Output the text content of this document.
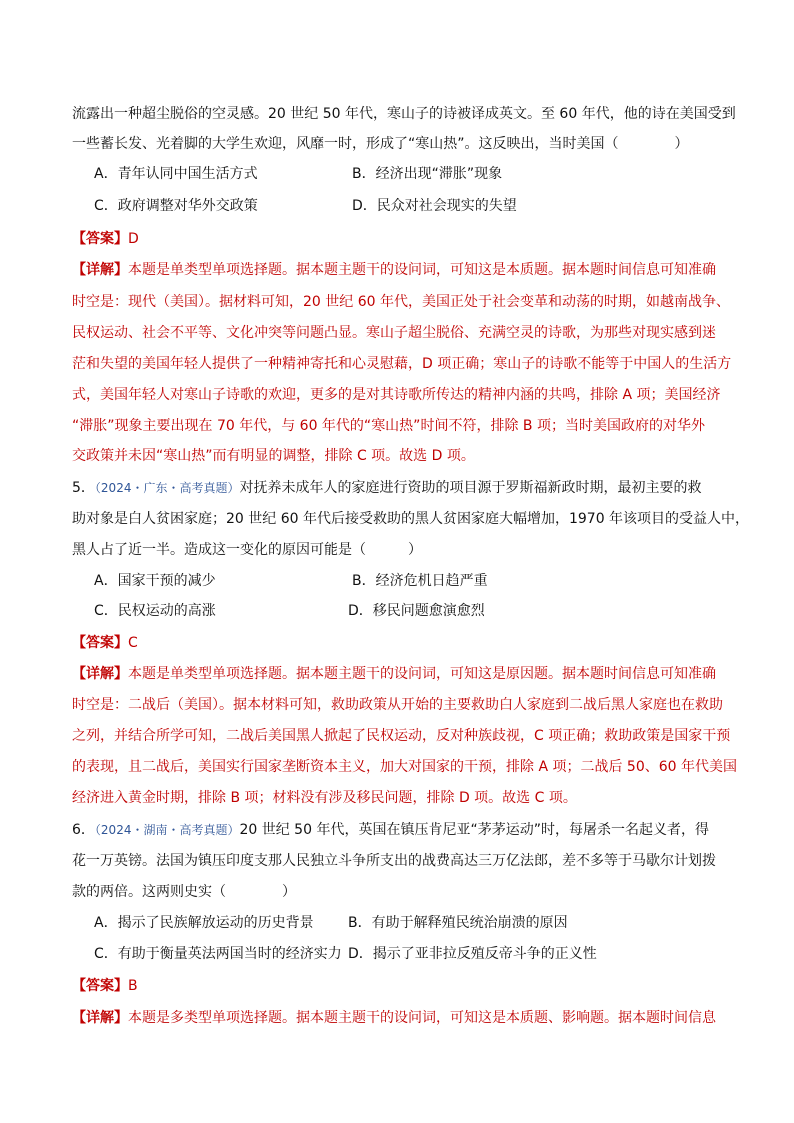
流露出一种超尘脱俗的空灵感。20 世纪 50 年代，寒山子的诗被译成英文。至 60 年代，他的诗在美国受到
一些蓄长发、光着脚的大学生欢迎，风靡一时，形成了“寒山热”。这反映出，当时美国（　　　　）
A．青年认同中国生活方式	B．经济出现“滞胀”现象
C．政府调整对华外交政策	D．民众对社会现实的失望
【答案】D
【详解】本题是单类型单项选择题。据本题主题干的设问词，可知这是本质题。据本题时间信息可知准确
时空是：现代（美国）。据材料可知，20 世纪 60 年代，美国正处于社会变革和动荡的时期，如越南战争、
民权运动、社会不平等、文化冲突等问题凸显。寒山子超尘脱俗、充满空灵的诗歌，为那些对现实感到迷
茫和失望的美国年轻人提供了一种精神寄托和心灵慰藉，D 项正确；寒山子的诗歌不能等于中国人的生活方
式，美国年轻人对寒山子诗歌的欢迎，更多的是对其诗歌所传达的精神内涵的共鸣，排除 A 项；美国经济
“滞胀”现象主要出现在 70 年代，与 60 年代的“寒山热”时间不符，排除 B 项；当时美国政府的对华外
交政策并未因“寒山热”而有明显的调整，排除 C 项。故选 D 项。
5．（2024・广东・高考真题）对抚养未成年人的家庭进行资助的项目源于罗斯福新政时期，最初主要的救
助对象是白人贫困家庭；20 世纪 60 年代后接受救助的黑人贫困家庭大幅增加，1970 年该项目的受益人中，
黑人占了近一半。造成这一变化的原因可能是（　　　）
A．国家干预的减少	B．经济危机日趋严重
C．民权运动的高涨	D．移民问题愈演愈烈
【答案】C
【详解】本题是单类型单项选择题。据本题主题干的设问词，可知这是原因题。据本题时间信息可知准确
时空是：二战后（美国）。据本材料可知，救助政策从开始的主要救助白人家庭到二战后黑人家庭也在救助
之列，并结合所学可知，二战后美国黑人掀起了民权运动，反对种族歧视，C 项正确；救助政策是国家干预
的表现，且二战后，美国实行国家垄断资本主义，加大对国家的干预，排除 A 项；二战后 50、60 年代美国
经济进入黄金时期，排除 B 项；材料没有涉及移民问题，排除 D 项。故选 C 项。
6．（2024・湖南・高考真题）20 世纪 50 年代，英国在镇压肯尼亚“茅茅运动”时，每屠杀一名起义者，得
花一万英镑。法国为镇压印度支那人民独立斗争所支出的战费高达三万亿法郎，差不多等于马歇尔计划拨
款的两倍。这两则史实（　　　　）
A．揭示了民族解放运动的历史背景 B．有助于解释殖民统治崩溃的原因
C．有助于衡量英法两国当时的经济实力 D．揭示了亚非拉反殖反帝斗争的正义性
【答案】B
【详解】本题是多类型单项选择题。据本题主题干的设问词，可知这是本质题、影响题。据本题时间信息
